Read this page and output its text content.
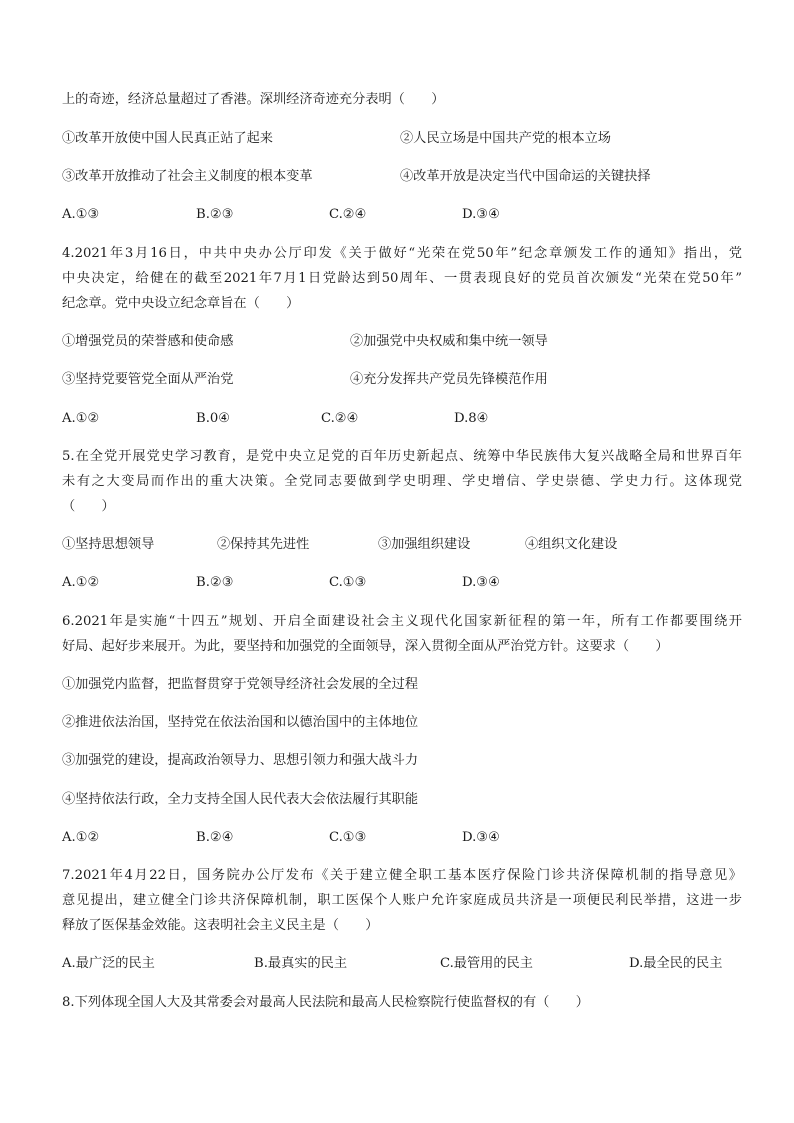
上的奇迹，经济总量超过了香港。深圳经济奇迹充分表明（　　）
①改革开放使中国人民真正站了起来	②人民立场是中国共产党的根本立场
③改革开放推动了社会主义制度的根本变革	④改革开放是决定当代中国命运的关键抉择
A.①③	B.②③	C.②④	D.③④
4.2021年3月16日，中共中央办公厅印发《关于做好“光荣在党50年”纪念章颁发工作的通知》指出，党
中央决定，给健在的截至2021年7月1日党龄达到50周年、一贯表现良好的党员首次颁发“光荣在党50年”
纪念章。党中央设立纪念章旨在（　　）
①增强党员的荣誉感和使命感	②加强党中央权威和集中统一领导
③坚持党要管党全面从严治党	④充分发挥共产党员先锋模范作用
A.①②	B.0④	C.②④	D.8④
5.在全党开展党史学习教育，是党中央立足党的百年历史新起点、统筹中华民族伟大复兴战略全局和世界百年
未有之大变局而作出的重大决策。全党同志要做到学史明理、学史增信、学史崇德、学史力行。这体现党
（　　）
①坚持思想领导	②保持其先进性	③加强组织建设	④组织文化建设
A.①②	B.②③	C.①③	D.③④
6.2021年是实施“十四五”规划、开启全面建设社会主义现代化国家新征程的第一年，所有工作都要围绕开
好局、起好步来展开。为此，要坚持和加强党的全面领导，深入贯彻全面从严治党方针。这要求（　　）
①加强党内监督，把监督贯穿于党领导经济社会发展的全过程
②推进依法治国，坚持党在依法治国和以德治国中的主体地位
③加强党的建设，提高政治领导力、思想引领力和强大战斗力
④坚持依法行政，全力支持全国人民代表大会依法履行其职能
A.①②	B.②④	C.①③	D.③④
7.2021年4月22日，国务院办公厅发布《关于建立健全职工基本医疗保险门诊共济保障机制的指导意见》
意见提出，建立健全门诊共济保障机制，职工医保个人账户允许家庭成员共济是一项便民利民举措，这进一步
释放了医保基金效能。这表明社会主义民主是（　　）
A.最广泛的民主	B.最真实的民主	C.最管用的民主	D.最全民的民主
8.下列体现全国人大及其常委会对最高人民法院和最高人民检察院行使监督权的有（　　）
